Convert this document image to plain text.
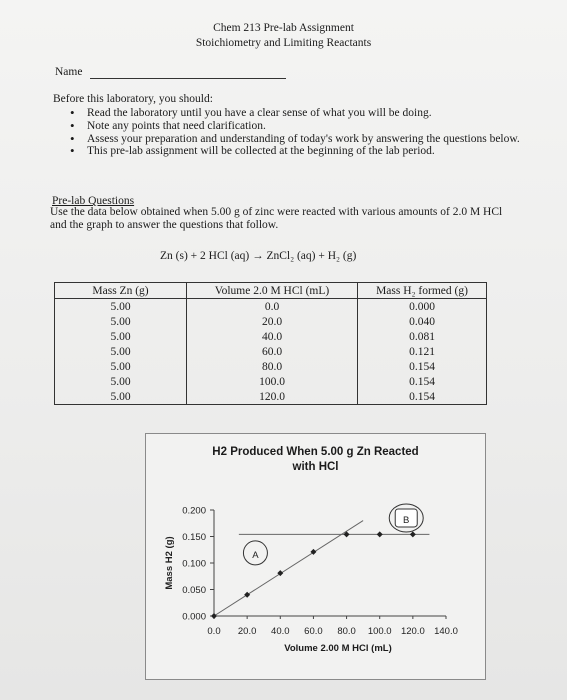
Chem 213 Pre-lab Assignment
Stoichiometry and Limiting Reactants
Name
Before this laboratory, you should:
• Read the laboratory until you have a clear sense of what you will be doing.
• Note any points that need clarification.
• Assess your preparation and understanding of today's work by answering the questions below.
• This pre-lab assignment will be collected at the beginning of the lab period.
Pre-lab Questions
Use the data below obtained when 5.00 g of zinc were reacted with various amounts of 2.0 M HCl and the graph to answer the questions that follow.
Zn (s) + 2 HCl (aq) → ZnCl₂ (aq) + H₂ (g)
Mass Zn (g)	Volume 2.0 M HCl (mL)	Mass H₂ formed (g)
5.00	0.0	0.000
5.00	20.0	0.040
5.00	40.0	0.081
5.00	60.0	0.121
5.00	80.0	0.154
5.00	100.0	0.154
5.00	120.0	0.154
H2 Produced When 5.00 g Zn Reacted
with HCl
0.000
0.050
0.100
0.150
0.200
0.0 20.0 40.0 60.0 80.0 100.0 120.0 140.0
Mass H2 (g)	A
B
Volume 2.00 M HCl (mL)
